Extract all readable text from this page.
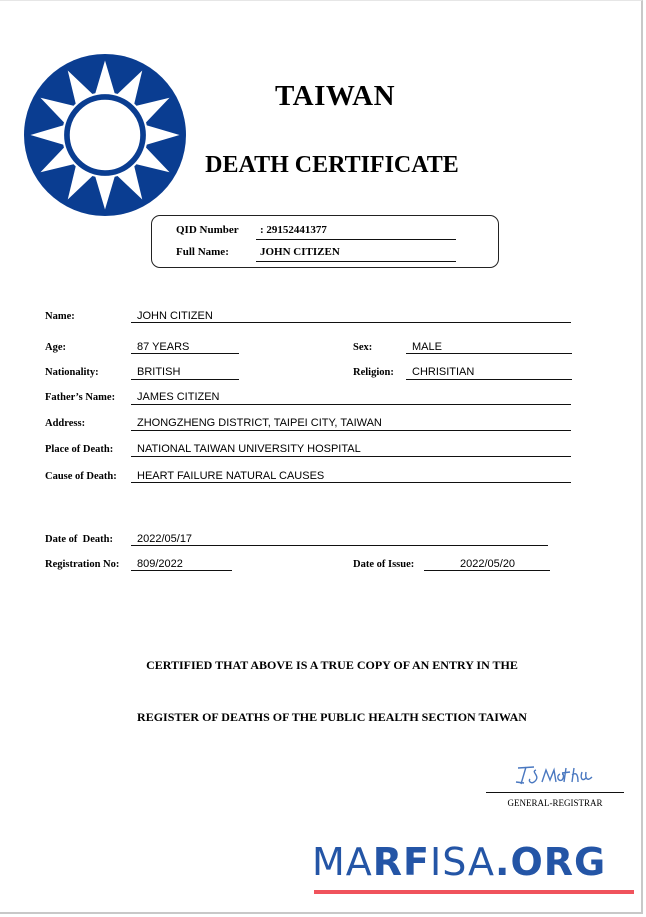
TAIWAN
DEATH CERTIFICATE
QID Number : 29152441377
Full Name:	JOHN CITIZEN
Name:	JOHN CITIZEN
Age:	87 YEARS	Sex:	MALE
Nationality:	BRITISH	Religion: CHRISITIAN
Father’s Name: JAMES CITIZEN
Address:	ZHONGZHENG DISTRICT, TAIPEI CITY, TAIWAN
Place of Death: NATIONAL TAIWAN UNIVERSITY HOSPITAL
Cause of Death: HEART FAILURE NATURAL CAUSES
Date of  Death: 2022/05/17
Registration No: 809/2022	Date of Issue:	2022/05/20
CERTIFIED THAT ABOVE IS A TRUE COPY OF AN ENTRY IN THE
REGISTER OF DEATHS OF THE PUBLIC HEALTH SECTION TAIWAN
GENERAL-REGISTRAR
MARFISA.ORG
